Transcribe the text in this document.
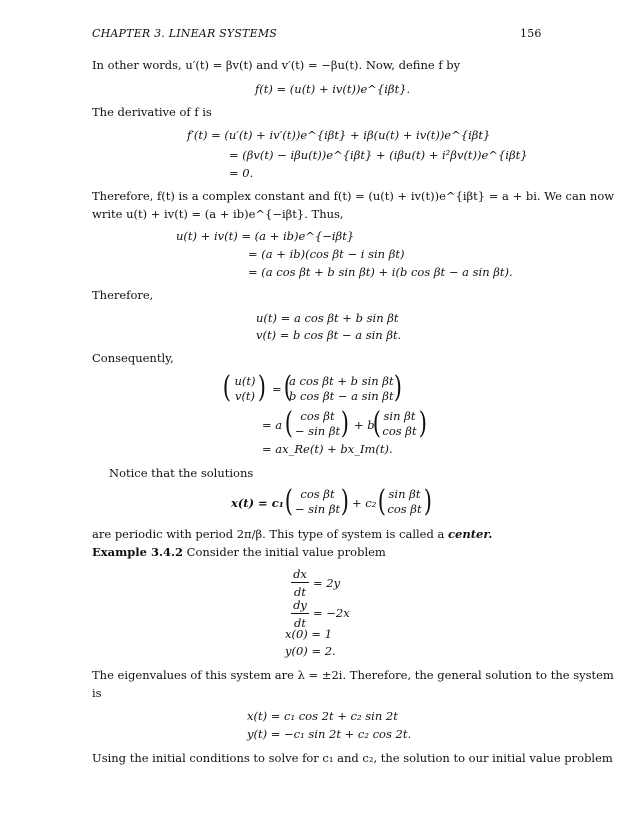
CHAPTER 3. LINEAR SYSTEMS	156
In other words, u′(t) = βv(t) and v′(t) = −βu(t). Now, define f by
f(t) = (u(t) + iv(t))e^{iβt}.
The derivative of f is
f′(t) = (u′(t) + iv′(t))e^{iβt} + iβ(u(t) + iv(t))e^{iβt}
= (βv(t) − iβu(t))e^{iβt} + (iβu(t) + i²βv(t))e^{iβt}
= 0.
Therefore, f(t) is a complex constant and f(t) = (u(t) + iv(t))e^{iβt} = a + bi. We can now
write u(t) + iv(t) = (a + ib)e^{−iβt}. Thus,
u(t) + iv(t) = (a + ib)e^{−iβt}
= (a + ib)(cos βt − i sin βt)
= (a cos βt + b sin βt) + i(b cos βt − a sin βt).
Therefore,
u(t) = a cos βt + b sin βt
v(t) = b cos βt − a sin βt.
Consequently,
( u(t)
v(t) ) = (
a cos βt + b sin βt
b cos βt − a sin βt )
= a ( cos βt
− sin βt ) + b
( sin βt
cos βt )
= ax_Re(t) + bx_Im(t).
Notice that the solutions
x(t) = c₁ ( cos βt
− sin βt ) + c₂ ( sin βt
cos βt )
are periodic with period 2π/β. This type of system is called a center.
Example 3.4.2 Consider the initial value problem
dx
dt
= 2y
dy
dt
= −2x
x(0) = 1
y(0) = 2.
The eigenvalues of this system are λ = ±2i. Therefore, the general solution to the system
is
x(t) = c₁ cos 2t + c₂ sin 2t
y(t) = −c₁ sin 2t + c₂ cos 2t.
Using the initial conditions to solve for c₁ and c₂, the solution to our initial value problem
